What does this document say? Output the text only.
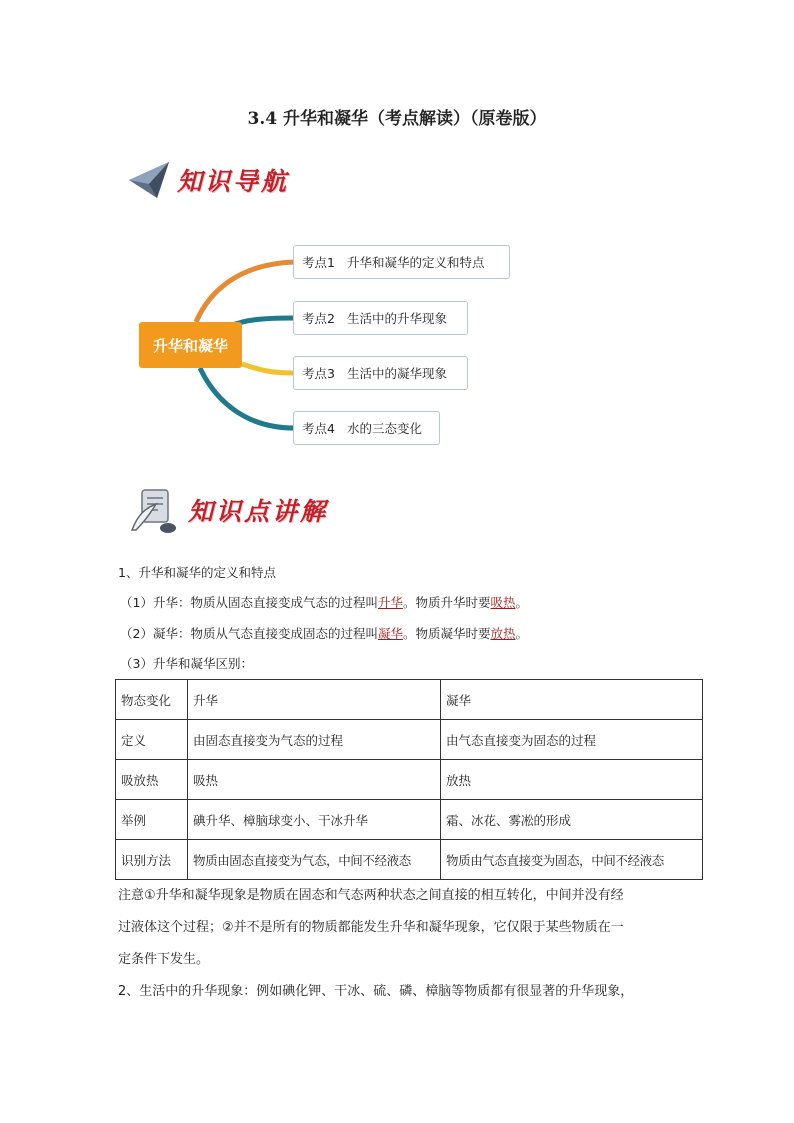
3.4 升华和凝华（考点解读）（原卷版）
知识导航
升华和凝华
考点1 升华和凝华的定义和特点
考点2 生活中的升华现象
考点3 生活中的凝华现象
考点4 水的三态变化
知识点讲解
1、升华和凝华的定义和特点
（1）升华：物质从固态直接变成气态的过程叫升华。物质升华时要吸热。
（2）凝华：物质从气态直接变成固态的过程叫凝华。物质凝华时要放热。
（3）升华和凝华区别：
物态变化	升华	凝华
定义	由固态直接变为气态的过程	由气态直接变为固态的过程
吸放热	吸热	放热
举例	碘升华、樟脑球变小、干冰升华	霜、冰花、雾凇的形成
识别方法	物质由固态直接变为气态，中间不经液态	物质由气态直接变为固态，中间不经液态
注意①升华和凝华现象是物质在固态和气态两种状态之间直接的相互转化，中间并没有经
过液体这个过程；②并不是所有的物质都能发生升华和凝华现象，它仅限于某些物质在一
定条件下发生。
2、生活中的升华现象：例如碘化钾、干冰、硫、磷、樟脑等物质都有很显著的升华现象，
